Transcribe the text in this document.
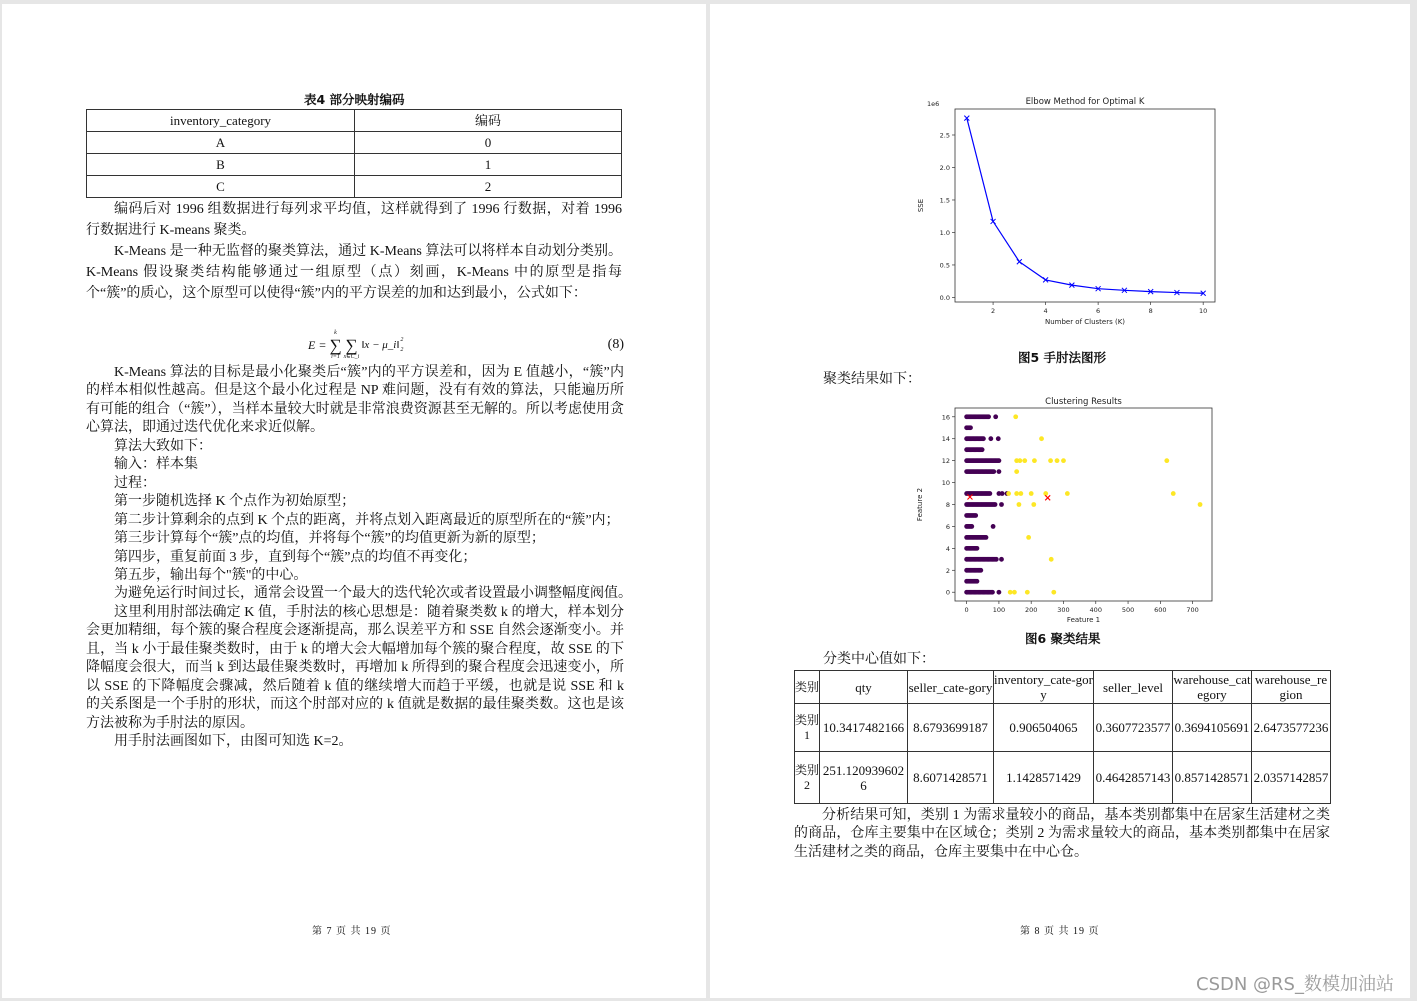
表4 部分映射编码
inventory_category	编码
A	0
B	1
C	2

编码后对 1996 组数据进行每列求平均值，这样就得到了 1996 行数据，对着 1996 行数据进行 K-means 聚类。

K-Means 是一种无监督的聚类算法，通过 K-Means 算法可以将样本自动划分类别。K-Means 假设聚类结构能够通过一组原型（点）刻画，K-Means 中的原型是指每个“簇”的质心，这个原型可以使得“簇”内的平方误差的加和达到最小，公式如下：

E =
k
∑
i=1

∑
x∈C_i
‖x − μ_i‖ 2
2	(8)

K-Means 算法的目标是最小化聚类后“簇”内的平方误差和，因为 E 值越小，“簇”内的样本相似性越高。但是这个最小化过程是 NP 难问题，没有有效的算法，只能遍历所有可能的组合（“簇”），当样本量较大时就是非常浪费资源甚至无解的。所以考虑使用贪心算法，即通过迭代优化来求近似解。

算法大致如下：

输入：样本集

过程：

第一步随机选择 K 个点作为初始原型；

第二步计算剩余的点到 K 个点的距离，并将点划入距离最近的原型所在的“簇”内；

第三步计算每个“簇”点的均值，并将每个“簇”的均值更新为新的原型；

第四步，重复前面 3 步，直到每个“簇”点的均值不再变化；

第五步，输出每个"簇"的中心。

为避免运行时间过长，通常会设置一个最大的迭代轮次或者设置最小调整幅度阀值。

这里利用肘部法确定 K 值，手肘法的核心思想是：随着聚类数 k 的增大，样本划分会更加精细，每个簇的聚合程度会逐渐提高，那么误差平方和 SSE 自然会逐渐变小。并且，当 k 小于最佳聚类数时，由于 k 的增大会大幅增加每个簇的聚合程度，故 SSE 的下降幅度会很大，而当 k 到达最佳聚类数时，再增加 k 所得到的聚合程度会迅速变小，所以 SSE 的下降幅度会骤减，然后随着 k 值的继续增大而趋于平缓，也就是说 SSE 和 k 的关系图是一个手肘的形状，而这个肘部对应的 k 值就是数据的最佳聚类数。这也是该方法被称为手肘法的原因。

用手肘法画图如下，由图可知选 K=2。

第 7 页 共 19 页
Elbow Method for Optimal K
1e6
2	4	6	8	10
0.0
0.5
1.0
1.5
2.0
2.5
Number of Clusters (K)
SSE
图5 手肘法图形
聚类结果如下：
Clustering Results
0	100	200	300	400	500	600	700
0
2
4
6
8
10
12
14
16
Feature 1
Feature 2
图6 聚类结果
分类中心值如下：
类别	qty	seller_cate-gory	inventory_cate-gory	seller_level	warehouse_category	warehouse_region
类别1	10.3417482166	8.6793699187	0.906504065	0.3607723577	0.3694105691	2.6473577236
类别2	251.1209396026	8.6071428571	1.1428571429	0.4642857143	0.8571428571	2.0357142857

分析结果可知，类别 1 为需求量较小的商品，基本类别都集中在居家生活建材之类的商品，仓库主要集中在区域仓；类别 2 为需求量较大的商品，基本类别都集中在居家生活建材之类的商品，仓库主要集中在中心仓。

第 8 页 共 19 页
CSDN @RS_数模加油站
